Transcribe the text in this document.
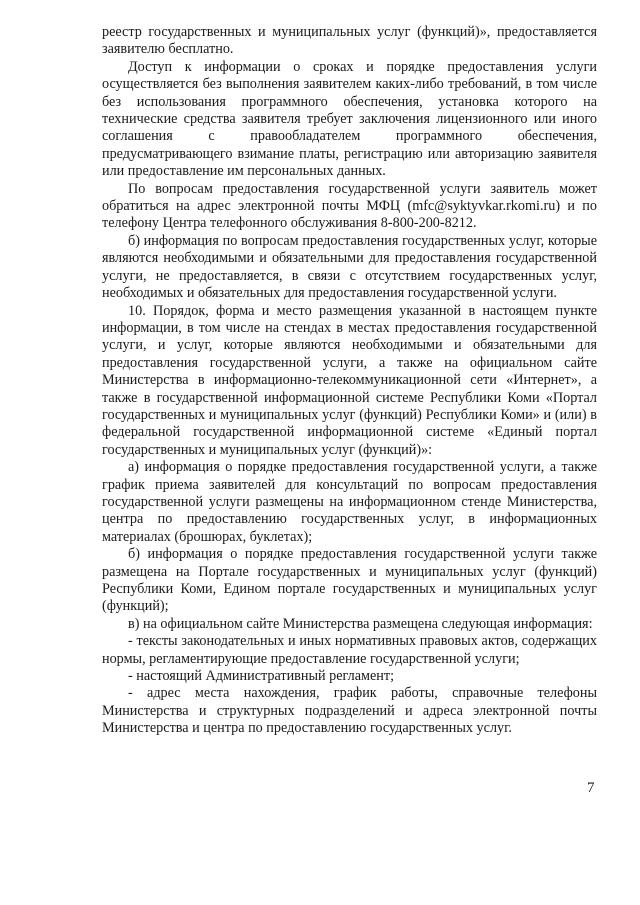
реестр государственных и муниципальных услуг (функций)», предоставляется заявителю бесплатно.

Доступ к информации о сроках и порядке предоставления услуги осуществляется без выполнения заявителем каких-либо требований, в том числе без использования программного обеспечения, установка которого на технические средства заявителя требует заключения лицензионного или иного соглашения с правообладателем программного обеспечения, предусматривающего взимание платы, регистрацию или авторизацию заявителя или предоставление им персональных данных.

По вопросам предоставления государственной услуги заявитель может обратиться на адрес электронной почты МФЦ (mfc@syktyvkar.rkomi.ru) и по телефону Центра телефонного обслуживания 8-800-200-8212.

б) информация по вопросам предоставления государственных услуг, которые являются необходимыми и обязательными для предоставления государственной услуги, не предоставляется, в связи с отсутствием государственных услуг, необходимых и обязательных для предоставления государственной услуги.

10. Порядок, форма и место размещения указанной в настоящем пункте информации, в том числе на стендах в местах предоставления государственной услуги, и услуг, которые являются необходимыми и обязательными для предоставления государственной услуги, а также на официальном сайте Министерства в информационно-телекоммуникационной сети «Интернет», а также в государственной информационной системе Республики Коми «Портал государственных и муниципальных услуг (функций) Республики Коми» и (или) в федеральной государственной информационной системе «Единый портал государственных и муниципальных услуг (функций)»:

а) информация о порядке предоставления государственной услуги, а также график приема заявителей для консультаций по вопросам предоставления государственной услуги размещены на информационном стенде Министерства, центра по предоставлению государственных услуг, в информационных материалах (брошюрах, буклетах);

б) информация о порядке предоставления государственной услуги также размещена на Портале государственных и муниципальных услуг (функций) Республики Коми, Едином портале государственных и муниципальных услуг (функций);

в) на официальном сайте Министерства размещена следующая информация:

- тексты законодательных и иных нормативных правовых актов, содержащих нормы, регламентирующие предоставление государственной услуги;

- настоящий Административный регламент;

- адрес места нахождения, график работы, справочные телефоны Министерства и структурных подразделений и адреса электронной почты Министерства и центра по предоставлению государственных услуг.

7
